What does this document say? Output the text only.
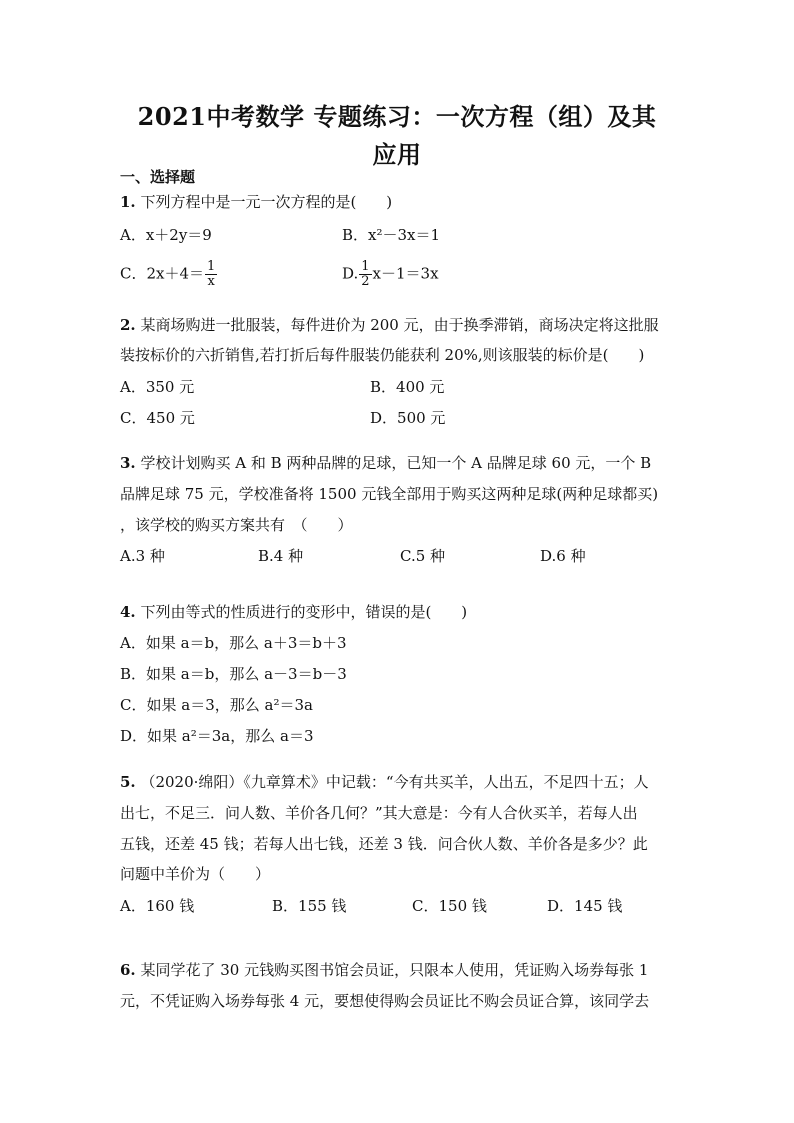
2021中考数学 专题练习：一次方程（组）及其
应用
一、选择题
1. 下列方程中是一元一次方程的是(　　)
A．x＋2y＝9	B．x²－3x＝1
C．$2x+4= \frac{1}{x}$	D. $\frac{1}{2} x-1=3x$
2. 某商场购进一批服装，每件进价为 200 元，由于换季滞销，商场决定将这批服
装按标价的六折销售,若打折后每件服装仍能获利 20%,则该服装的标价是(　　)
A．350 元	B．400 元
C．450 元	D．500 元
3. 学校计划购买 A 和 B 两种品牌的足球，已知一个 A 品牌足球 60 元，一个 B
品牌足球 75 元，学校准备将 1500 元钱全部用于购买这两种足球(两种足球都买)
，该学校的购买方案共有　（　　）
A.3 种	B.4 种	C.5 种	D.6 种
4. 下列由等式的性质进行的变形中，错误的是(　　)
A．如果 a＝b，那么 a＋3＝b＋3
B．如果 a＝b，那么 a－3＝b－3
C．如果 a＝3，那么 a²＝3a
D．如果 a²＝3a，那么 a＝3
5. （2020·绵阳）《九章算术》中记载：“今有共买羊，人出五，不足四十五；人
出七，不足三．问人数、羊价各几何？”其大意是：今有人合伙买羊，若每人出
五钱，还差 45 钱；若每人出七钱，还差 3 钱．问合伙人数、羊价各是多少？此
问题中羊价为（　　）
A．160 钱	B．155 钱	C．150 钱	D．145 钱
6. 某同学花了 30 元钱购买图书馆会员证，只限本人使用，凭证购入场券每张 1
元，不凭证购入场券每张 4 元，要想使得购会员证比不购会员证合算，该同学去
